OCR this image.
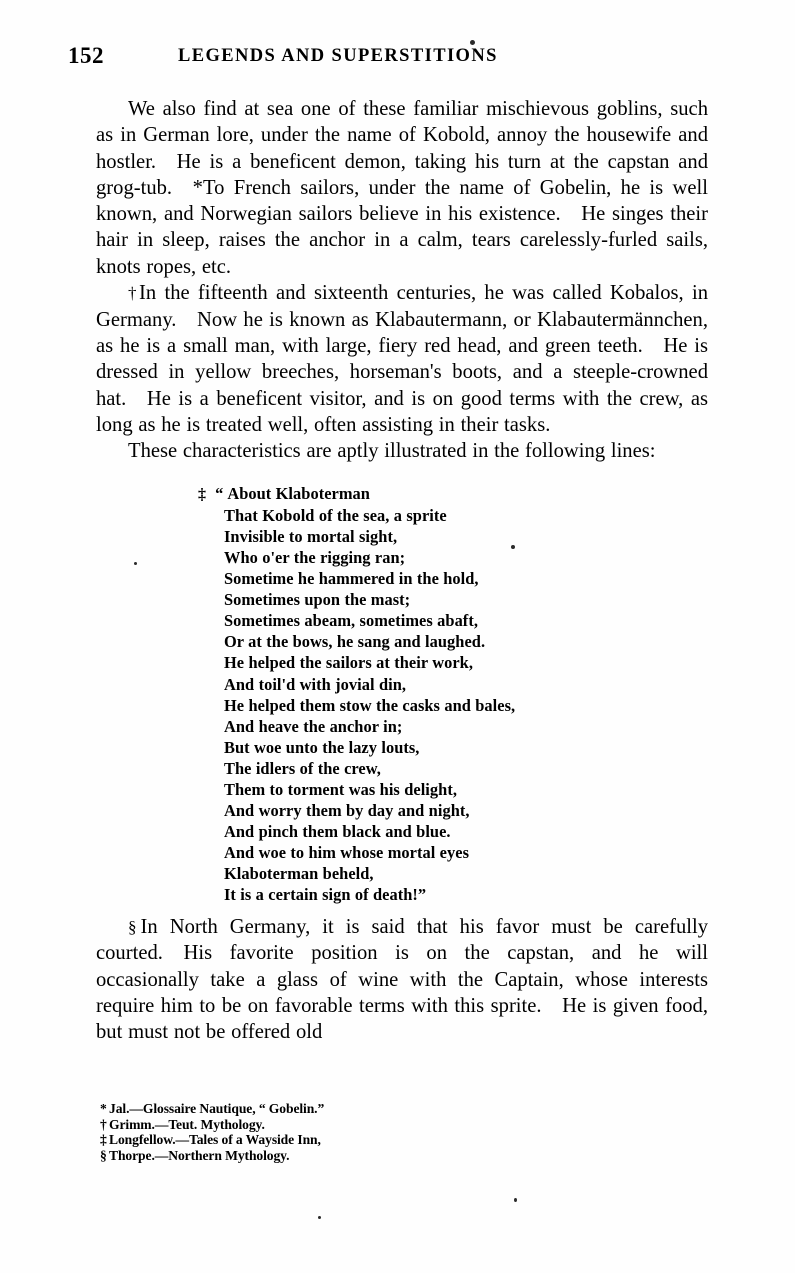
152	LEGENDS AND SUPERSTITIONS

We also find at sea one of these familiar mischievous goblins, such as in German lore, under the name of Kobold, annoy the housewife and hostler. He is a beneficent demon, taking his turn at the capstan and grog-tub. *To French sailors, under the name of Gobelin, he is well known, and Norwegian sailors believe in his existence. He singes their hair in sleep, raises the anchor in a calm, tears carelessly-furled sails, knots ropes, etc.

†In the fifteenth and sixteenth centuries, he was called Kobalos, in Germany. Now he is known as Klabautermann, or Klabautermännchen, as he is a small man, with large, fiery red head, and green teeth. He is dressed in yellow breeches, horseman's boots, and a steeple-crowned hat. He is a beneficent visitor, and is on good terms with the crew, as long as he is treated well, often assisting in their tasks.

These characteristics are aptly illustrated in the following lines:

‡ “ About Klaboterman
That Kobold of the sea, a sprite
Invisible to mortal sight,
Who o'er the rigging ran;
Sometime he hammered in the hold,
Sometimes upon the mast;
Sometimes abeam, sometimes abaft,
Or at the bows, he sang and laughed.
He helped the sailors at their work,
And toil'd with jovial din,
He helped them stow the casks and bales,
And heave the anchor in;
But woe unto the lazy louts,
The idlers of the crew,
Them to torment was his delight,
And worry them by day and night,
And pinch them black and blue.
And woe to him whose mortal eyes
Klaboterman beheld,
It is a certain sign of death!”

§ In North Germany, it is said that his favor must be carefully courted. His favorite position is on the capstan, and he will occasionally take a glass of wine with the Captain, whose interests require him to be on favorable terms with this sprite. He is given food, but must not be offered old

* Jal.—Glossaire Nautique, “ Gobelin.”
† Grimm.—Teut. Mythology.
‡ Longfellow.—Tales of a Wayside Inn,
§ Thorpe.—Northern Mythology.
